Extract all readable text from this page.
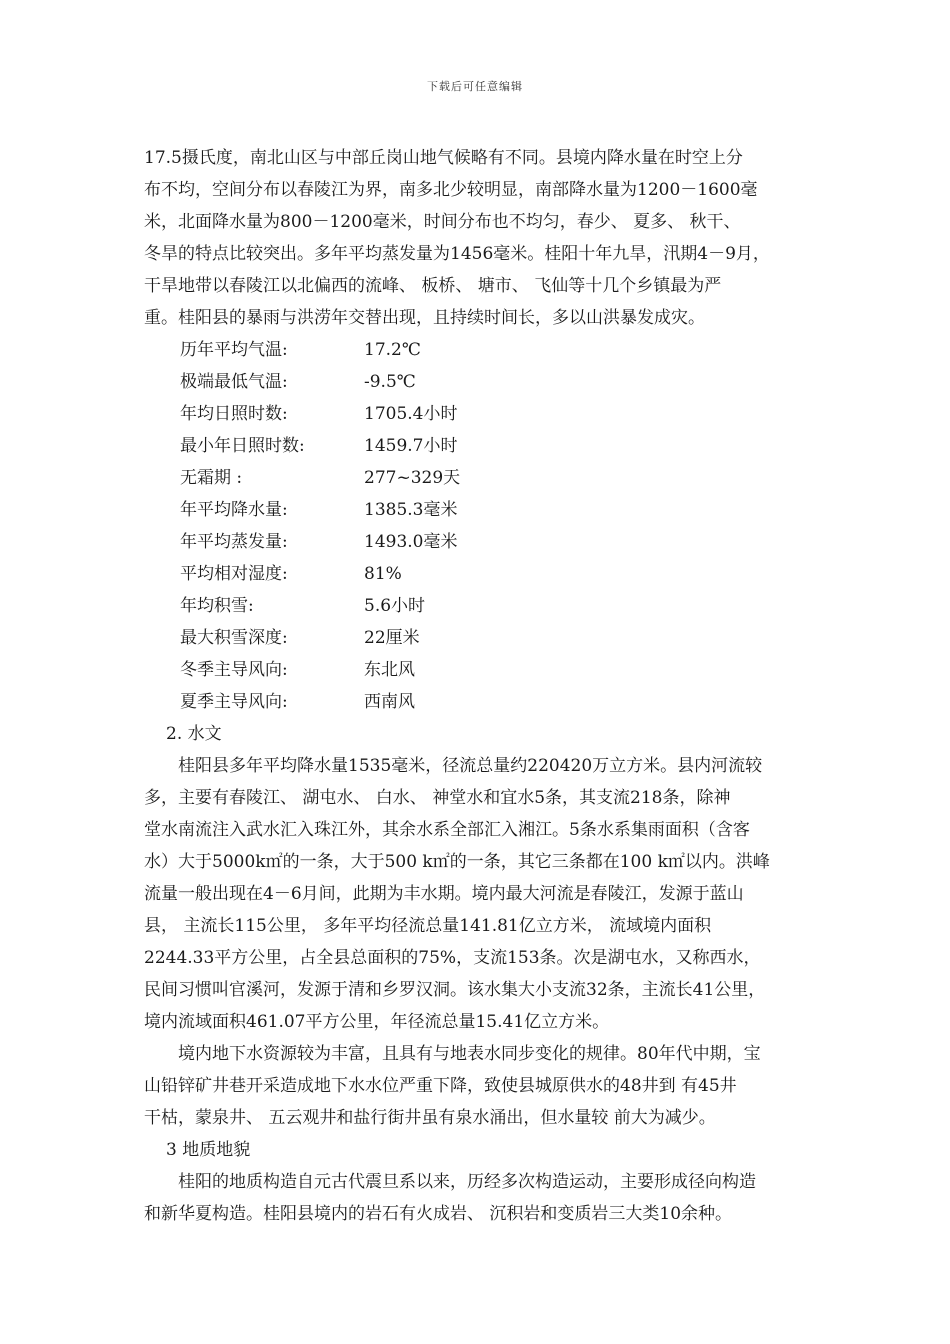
下载后可任意编辑
17.5摄氏度，南北山区与中部丘岗山地气候略有不同。县境内降水量在时空上分
布不均，空间分布以春陵江为界，南多北少较明显，南部降水量为1200－1600毫
米，北面降水量为800－1200毫米，时间分布也不均匀，春少、 夏多、 秋干、
冬旱的特点比较突出。多年平均蒸发量为1456毫米。桂阳十年九旱，汛期4－9月，
干旱地带以春陵江以北偏西的流峰、 板桥、 塘市、 飞仙等十几个乡镇最为严
重。桂阳县的暴雨与洪涝年交替出现，且持续时间长，多以山洪暴发成灾。
历年平均气温:	17.2℃
极端最低气温:	-9.5℃
年均日照时数:	1705.4小时
最小年日照时数:	1459.7小时
无霜期 :	277~329天
年平均降水量:	1385.3毫米
年平均蒸发量:	1493.0毫米
平均相对湿度:	81%
年均积雪:	5.6小时
最大积雪深度:	22厘米
冬季主导风向:	东北风
夏季主导风向:	西南风
2. 水文
桂阳县多年平均降水量1535毫米，径流总量约220420万立方米。县内河流较
多，主要有春陵江、 湖屯水、 白水、 神堂水和宜水5条，其支流218条，除神
堂水南流注入武水汇入珠江外，其余水系全部汇入湘江。5条水系集雨面积（含客
水）大于5000k㎡的一条，大于500 k㎡的一条，其它三条都在100 k㎡以内。洪峰
流量一般出现在4－6月间，此期为丰水期。境内最大河流是春陵江，发源于蓝山
县， 主流长115公里， 多年平均径流总量141.81亿立方米， 流域境内面积
2244.33平方公里，占全县总面积的75%，支流153条。次是湖屯水，又称西水，
民间习惯叫官溪河，发源于清和乡罗汉洞。该水集大小支流32条，主流长41公里，
境内流域面积461.07平方公里，年径流总量15.41亿立方米。
境内地下水资源较为丰富，且具有与地表水同步变化的规律。80年代中期，宝
山铅锌矿井巷开采造成地下水水位严重下降，致使县城原供水的48井到 有45井
干枯，蒙泉井、 五云观井和盐行街井虽有泉水涌出，但水量较 前大为减少。
3 地质地貌
桂阳的地质构造自元古代震旦系以来，历经多次构造运动，主要形成径向构造
和新华夏构造。桂阳县境内的岩石有火成岩、 沉积岩和变质岩三大类10余种。
